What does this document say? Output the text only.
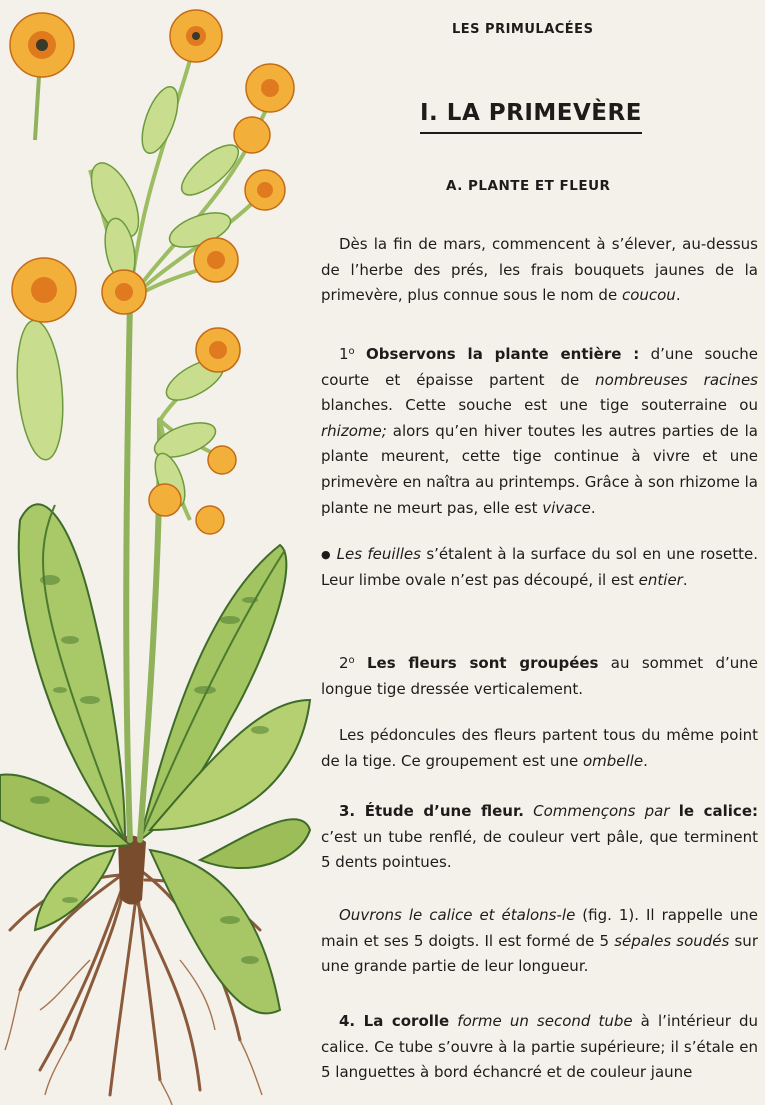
LES PRIMULACÉES
I. LA PRIMEVÈRE
A. PLANTE ET FLEUR
Dès la fin de mars, commencent à s’élever, au-dessus de l’herbe des prés, les frais bouquets jaunes de la primevère, plus connue sous le nom de coucou.
1$^o$ Observons la plante entière : d’une souche courte et épaisse partent de nombreuses racines blanches. Cette souche est une tige souterraine ou rhizome; alors qu’en hiver toutes les autres parties de la plante meurent, cette tige continue à vivre et une primevère en naîtra au printemps. Grâce à son rhizome la plante ne meurt pas, elle est vivace.
● Les feuilles s’étalent à la surface du sol en une rosette. Leur limbe ovale n’est pas découpé, il est entier.
2$^o$ Les fleurs sont groupées au sommet d’une longue tige dressée verticalement.
Les pédoncules des fleurs partent tous du même point de la tige. Ce groupement est une ombelle.
3. Étude d’une fleur. Commençons par le calice: c’est un tube renflé, de couleur vert pâle, que terminent 5 dents pointues.
Ouvrons le calice et étalons-le (fig. 1). Il rappelle une main et ses 5 doigts. Il est formé de 5 sépales soudés sur une grande partie de leur longueur.
4. La corolle forme un second tube à l’intérieur du calice. Ce tube s’ouvre à la partie supérieure; il s’étale en 5 languettes à bord échancré et de couleur jaune
